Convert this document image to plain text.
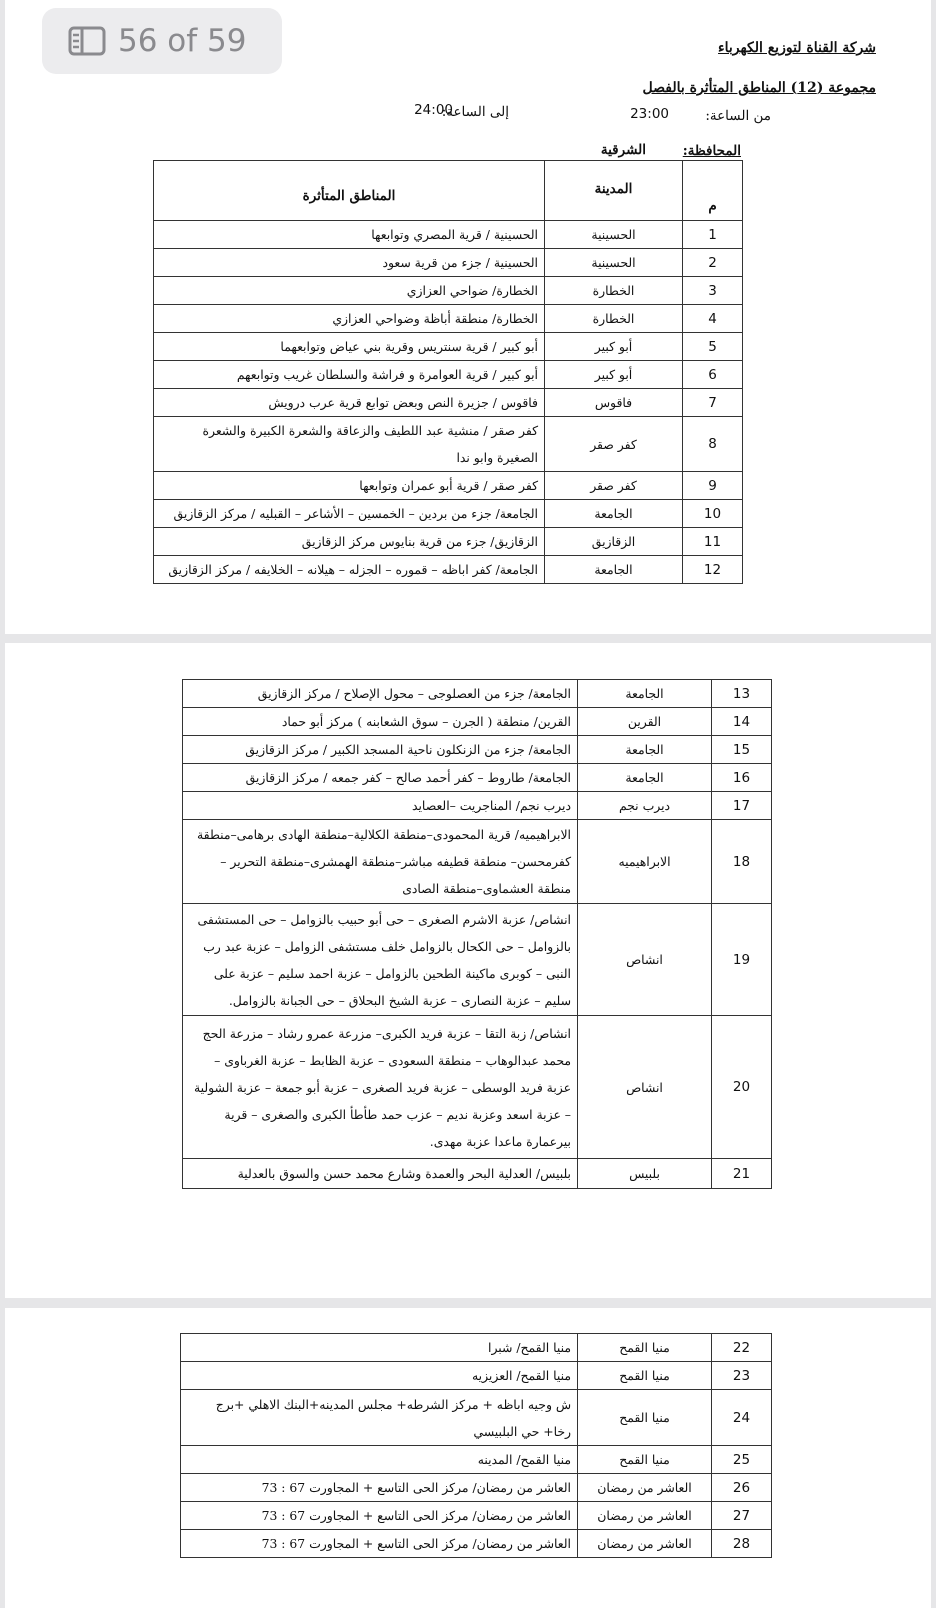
56 of 59	شركة القناة لتوزيع الكهرباء
مجموعة (12) المناطق المتأثرة بالفصل
من الساعة:
23:00
إلى الساعة:
24:00
المحافظة:
الشرقية
م	المدينة	المناطق المتأثرة
1	الحسينية	الحسينية / قرية المصري وتوابعها
2	الحسينية	الحسينية / جزء من قرية سعود
3	الخطارة	الخطارة/ ضواحي العزازي
4	الخطارة	الخطارة/ منطقة أباظة وضواحي العزازي
5	أبو كبير	أبو كبير / قرية سنتريس وقرية بني عياض وتوابعهما
6	أبو كبير	أبو كبير / قرية العوامرة و فراشة والسلطان غريب وتوابعهم
7	فاقوس	فاقوس / جزيرة النص وبعض توابع قرية عرب درويش
8	كفر صقر	كفر صقر / منشية عبد اللطيف والزعاقة والشعرة الكبيرة والشعرة الصغيرة وابو ندا
9	كفر صقر	كفر صقر / قرية أبو عمران وتوابعها
10	الجامعة	الجامعة/ جزء من بردين – الخمسين – الأشاعر – القبليه / مركز الزقازيق
11	الزقازيق	الزقازيق/ جزء من قرية بنايوس مركز الزقازيق
12	الجامعة	الجامعة/ كفر اباظه – قموره – الجزله – هيلانه – الخلايفه / مركز الزقازيق
13	الجامعة	الجامعة/ جزء من العصلوجى – محول الإصلاح / مركز الزقازيق
14	القرين	القرين/ منطقة ( الجرن – سوق الشعابنه ) مركز أبو حماد
15	الجامعة	الجامعة/ جزء من الزنكلون ناحية المسجد الكبير / مركز الزقازيق
16	الجامعة	الجامعة/ طاروط – كفر أحمد صالح – كفر جمعه / مركز الزقازيق
17	ديرب نجم	ديرب نجم/ المناجريت –العصايد
18	الابراهيميه	الابراهيميه/ قرية المحمودى–منطقة الكلالية–منطقة الهادى برهامى–منطقة كفرمحسن– منطقة قطيفه مباشر–منطقة الهمشرى–منطقة التحرير –منطقة العشماوى–منطقة الصادى
19	انشاص	انشاص/ عزبة الاشرم الصغرى – حى أبو حبيب بالزوامل – حى المستشفى بالزوامل – حى الكحال بالزوامل خلف مستشفى الزوامل – عزبة عبد رب النبى – كوبرى ماكينة الطحين بالزوامل – عزبة احمد سليم – عزبة على سليم – عزبة النصارى – عزبة الشيخ البحلاق – حى الجبانة بالزوامل.
20	انشاص	انشاص/ زبة التقا – عزبة فريد الكبرى– مزرعة عمرو رشاد – مزرعة الحج محمد عبدالوهاب – منطقة السعودى – عزبة الظابط – عزبة الغرباوى – عزبة فريد الوسطى – عزبة فريد الصغرى – عزبة أبو جمعة – عزبة الشولية – عزبة اسعد وعزبة نديم – عزب حمد طأطأ الكبرى والصغرى – قرية بيرعمارة ماعدا عزبة مهدى.
21	بلبيس	بلبيس/ العدلية البحر والعمدة وشارع محمد حسن والسوق بالعدلية
22	منيا القمح	منيا القمح/ شبرا
23	منيا القمح	منيا القمح/ العزيزيه
24	منيا القمح	ش وجيه اباظه + مركز الشرطه+ مجلس المدينه+البنك الاهلي +برج رخا+ حي البلبيسي
25	منيا القمح	منيا القمح/ المدينه
26	العاشر من رمضان	العاشر من رمضان/ مركز الحى التاسع + المجاورت 67 : 73
27	العاشر من رمضان	العاشر من رمضان/ مركز الحى التاسع + المجاورت 67 : 73
28	العاشر من رمضان	العاشر من رمضان/ مركز الحى التاسع + المجاورت 67 : 73
